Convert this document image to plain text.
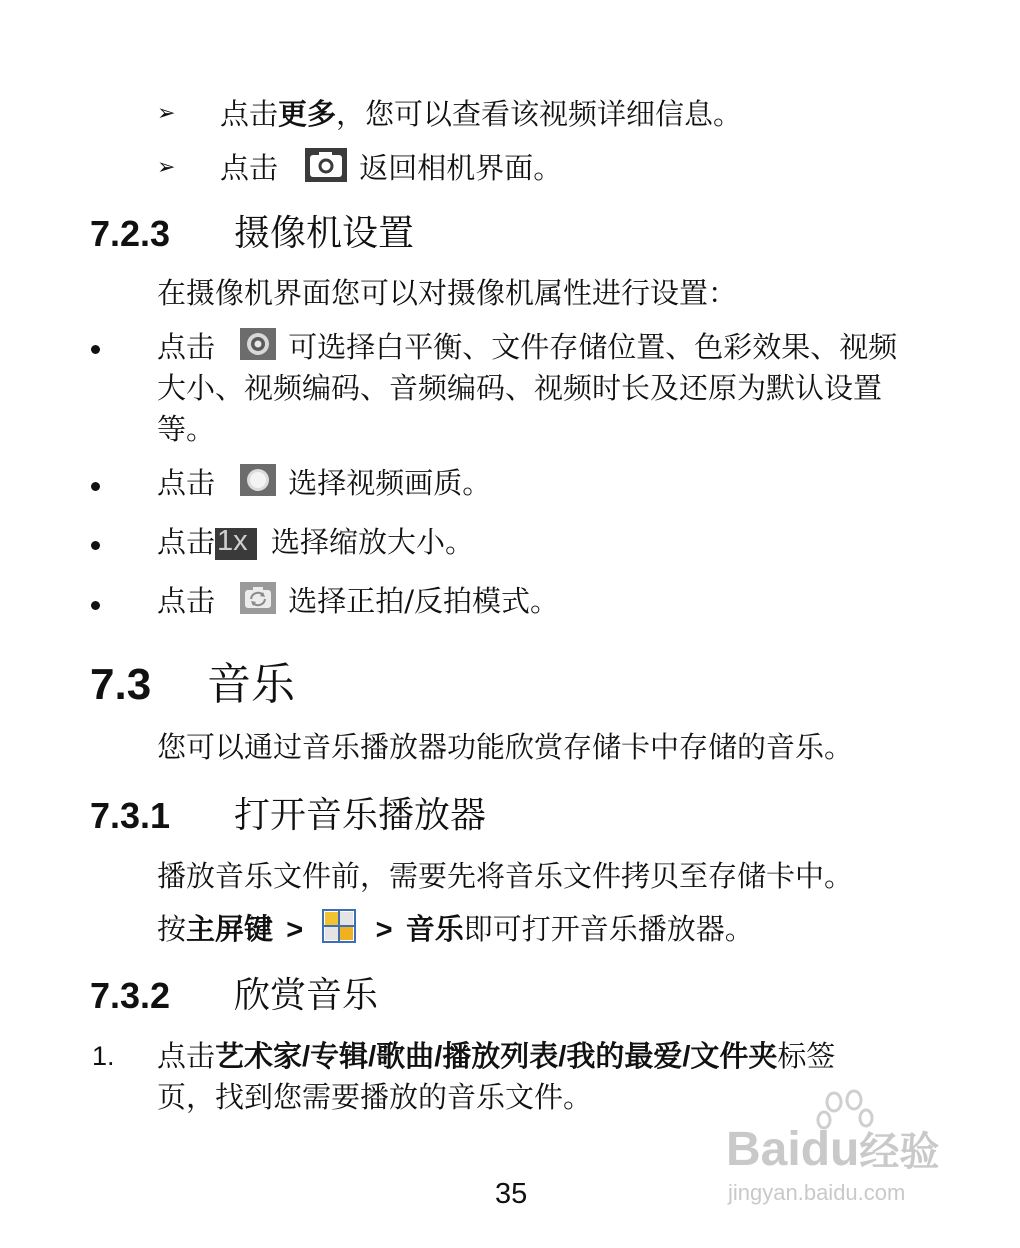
➢ 点击更多，您可以查看该视频详细信息。
➢ 点击	返回相机界面。
7.2.3 摄像机设置
在摄像机界面您可以对摄像机属性进行设置：
点击	可选择白平衡、文件存储位置、色彩效果、视频
大小、视频编码、音频编码、视频时长及还原为默认设置
等。
点击	选择视频画质。
点击 1x 选择缩放大小。
点击	选择正拍/反拍模式。
7.3 音乐
您可以通过音乐播放器功能欣赏存储卡中存储的音乐。
7.3.1 打开音乐播放器
播放音乐文件前，需要先将音乐文件拷贝至存储卡中。
按主屏键 > > 音乐即可打开音乐播放器。
7.3.2 欣赏音乐
1. 点击艺术家/专辑/歌曲/播放列表/我的最爱/文件夹标签
页，找到您需要播放的音乐文件。
35
Baidu经验
jingyan.baidu.com
